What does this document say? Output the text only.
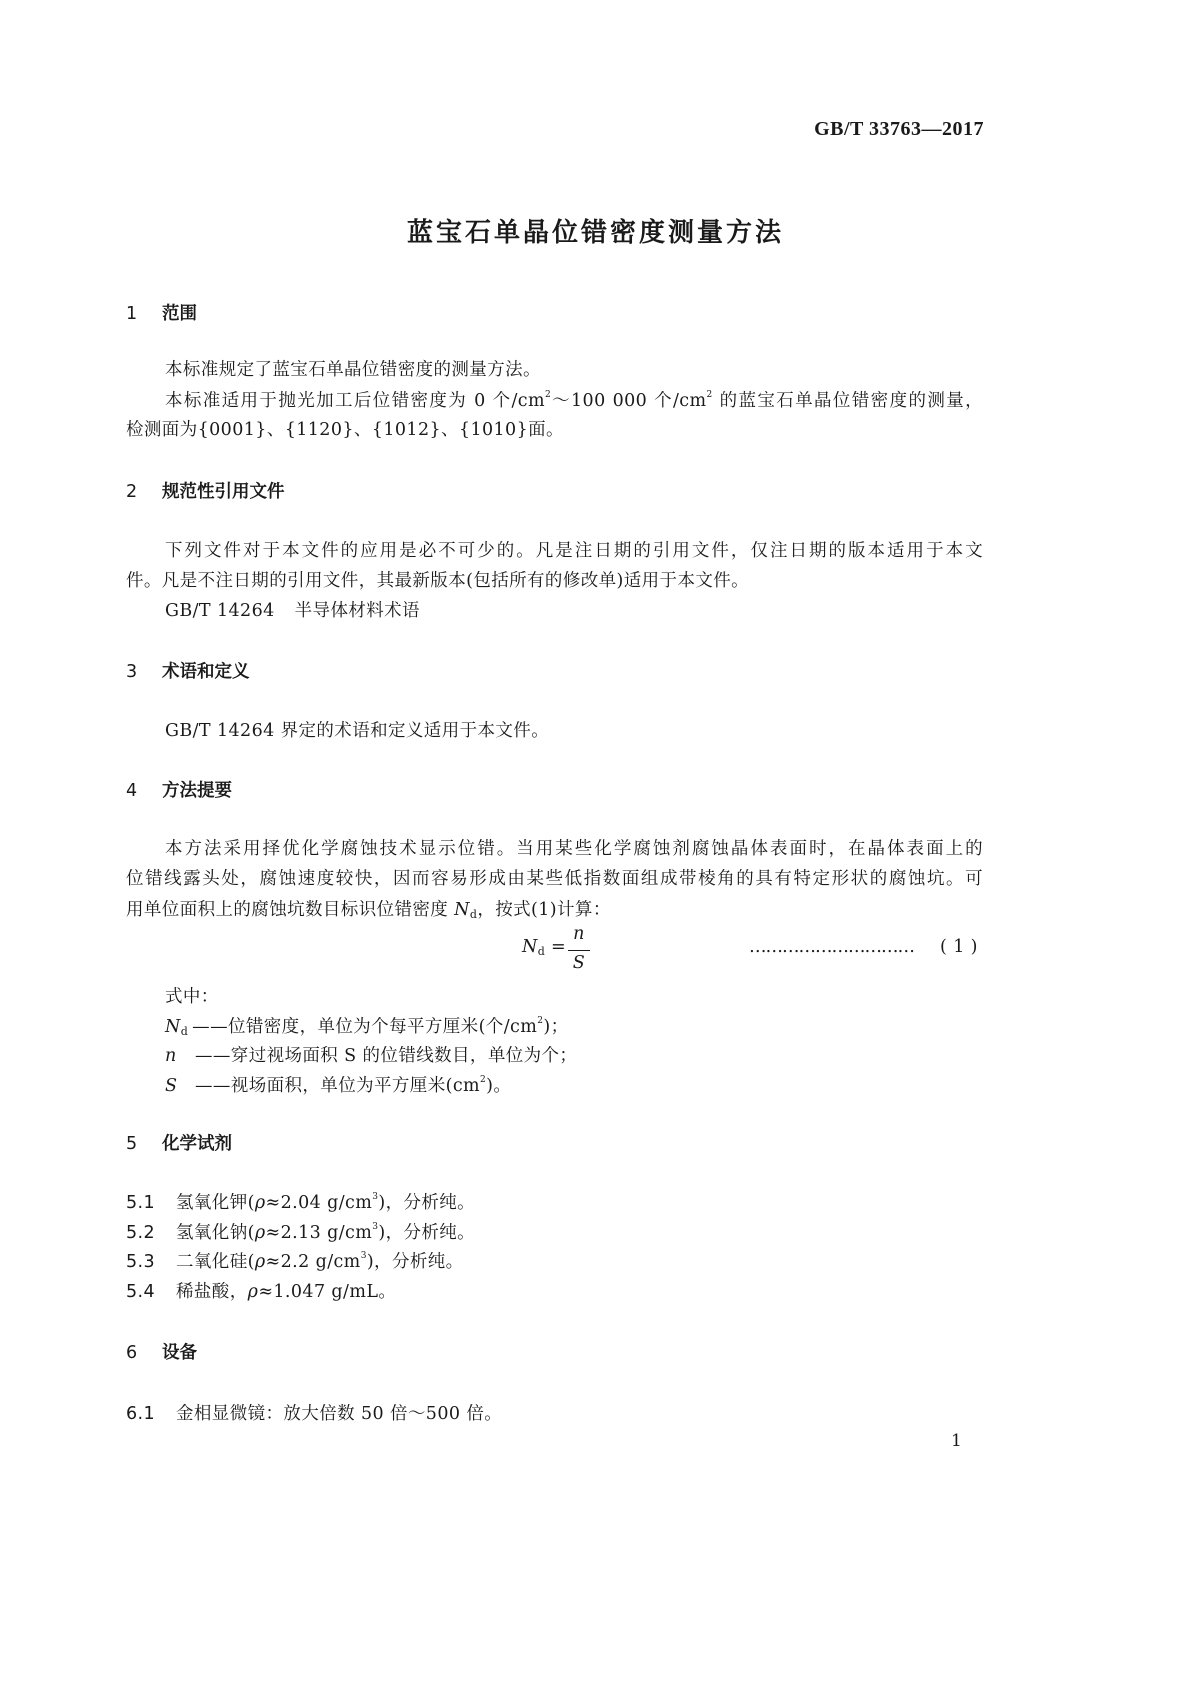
GB/T 33763—2017
蓝宝石单晶位错密度测量方法
1 范围
本标准规定了蓝宝石单晶位错密度的测量方法。
本标准适用于抛光加工后位错密度为 0 个$/cm^2\sim 100$ 000 个$/cm^2$ 的蓝宝石单晶位错密度的测量，
检测面为{0001}、{1120}、{1012}、{1010}面。
2 规范性引用文件
下列文件对于本文件的应用是必不可少的。凡是注日期的引用文件，仅注日期的版本适用于本文
件。凡是不注日期的引用文件，其最新版本(包括所有的修改单)适用于本文件。
GB/T 14264 半导体材料术语
3 术语和定义
GB/T 14264 界定的术语和定义适用于本文件。
4 方法提要
本方法采用择优化学腐蚀技术显示位错。当用某些化学腐蚀剂腐蚀晶体表面时，在晶体表面上的
位错线露头处，腐蚀速度较快，因而容易形成由某些低指数面组成带棱角的具有特定形状的腐蚀坑。可
用单位面积上的腐蚀坑数目标识位错密度 $N_d$，按式(1)计算：
$N_d$ =
n
S
………………………… ( 1 )
式中：
$N_d$ ——位错密度，单位为个每平方厘米(个$/cm^2$)；
n ——穿过视场面积 S 的位错线数目，单位为个；
S ——视场面积，单位为平方厘米$(cm^2)$。
5 化学试剂
5.1 氢氧化钾(ρ≈2.04 $g/cm^3$)，分析纯。
5.2 氢氧化钠(ρ≈2.13 $g/cm^3$)，分析纯。
5.3 二氧化硅(ρ≈2.2 $g/cm^3$)，分析纯。
5.4 稀盐酸，ρ≈1.047 g/mL。
6 设备
6.1 金相显微镜：放大倍数 50 倍～500 倍。
1
